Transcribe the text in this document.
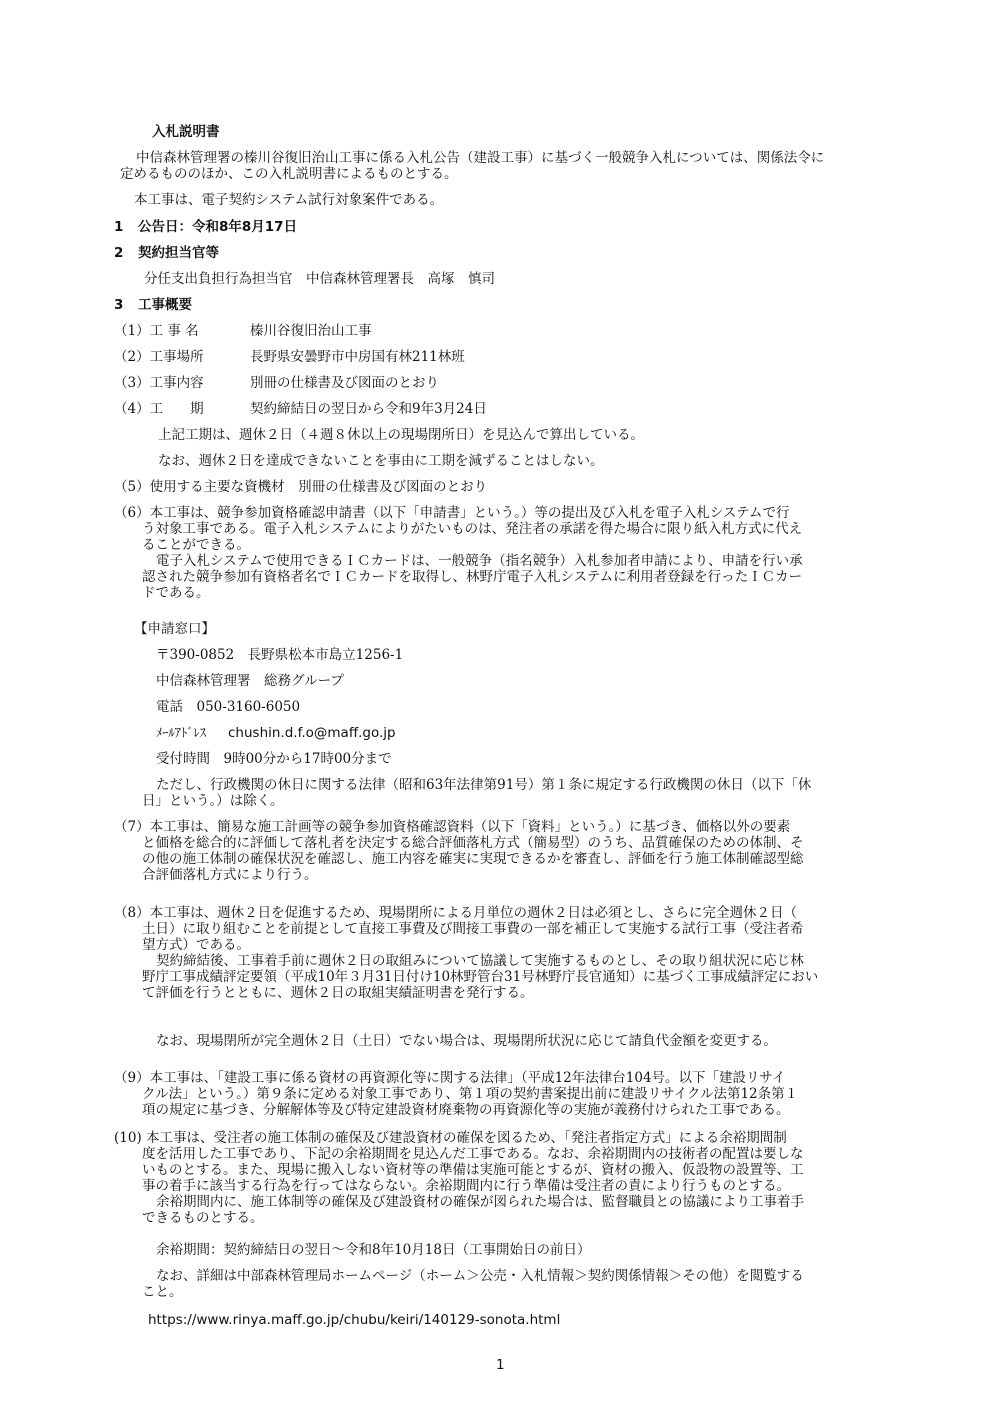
入札説明書
中信森林管理署の榛川谷復旧治山工事に係る入札公告（建設工事）に基づく一般競争入札については、関係法令に
定めるもののほか、この入札説明書によるものとする。
本工事は、電子契約システム試行対象案件である。
1 公告日：令和8年8月17日
2 契約担当官等
分任支出負担行為担当官　中信森林管理署長　高塚　慎司
3 工事概要
（1）工 事 名	榛川谷復旧治山工事
（2）工事場所	長野県安曇野市中房国有林211林班
（3）工事内容	別冊の仕様書及び図面のとおり
（4）工　　期	契約締結日の翌日から令和9年3月24日
上記工期は、週休２日（４週８休以上の現場閉所日）を見込んで算出している。
なお、週休２日を達成できないことを事由に工期を減ずることはしない。
（5）使用する主要な資機材　別冊の仕様書及び図面のとおり
（6）本工事は、競争参加資格確認申請書（以下「申請書」という。）等の提出及び入札を電子入札システムで行
う対象工事である。電子入札システムによりがたいものは、発注者の承諾を得た場合に限り紙入札方式に代え
ることができる。
電子入札システムで使用できるＩＣカードは、一般競争（指名競争）入札参加者申請により、申請を行い承
認された競争参加有資格者名でＩＣカードを取得し、林野庁電子入札システムに利用者登録を行ったＩＣカー
ドである。
【申請窓口】
〒390-0852　長野県松本市島立1256-1
中信森林管理署　総務グループ
電話　050-3160-6050
ﾒｰﾙｱﾄﾞﾚｽ chushin.d.f.o@maff.go.jp
受付時間　9時00分から17時00分まで
ただし、行政機関の休日に関する法律（昭和63年法律第91号）第１条に規定する行政機関の休日（以下「休
日」という。）は除く。
（7）本工事は、簡易な施工計画等の競争参加資格確認資料（以下「資料」という。）に基づき、価格以外の要素
と価格を総合的に評価して落札者を決定する総合評価落札方式（簡易型）のうち、品質確保のための体制、そ
の他の施工体制の確保状況を確認し、施工内容を確実に実現できるかを審査し、評価を行う施工体制確認型総
合評価落札方式により行う。
（8）本工事は、週休２日を促進するため、現場閉所による月単位の週休２日は必須とし、さらに完全週休２日（
土日）に取り組むことを前提として直接工事費及び間接工事費の一部を補正して実施する試行工事（受注者希
望方式）である。
契約締結後、工事着手前に週休２日の取組みについて協議して実施するものとし、その取り組状況に応じ林
野庁工事成績評定要領（平成10年３月31日付け10林野管台31号林野庁長官通知）に基づく工事成績評定におい
て評価を行うとともに、週休２日の取組実績証明書を発行する。
なお、現場閉所が完全週休２日（土日）でない場合は、現場閉所状況に応じて請負代金額を変更する。
（9）本工事は、「建設工事に係る資材の再資源化等に関する法律」（平成12年法律台104号。以下「建設リサイ
クル法」という。）第９条に定める対象工事であり、第１項の契約書案提出前に建設リサイクル法第12条第１
項の規定に基づき、分解解体等及び特定建設資材廃棄物の再資源化等の実施が義務付けられた工事である。
(10) 本工事は、受注者の施工体制の確保及び建設資材の確保を図るため、「発注者指定方式」による余裕期間制
度を活用した工事であり、下記の余裕期間を見込んだ工事である。なお、余裕期間内の技術者の配置は要しな
いものとする。また、現場に搬入しない資材等の準備は実施可能とするが、資材の搬入、仮設物の設置等、工
事の着手に該当する行為を行ってはならない。余裕期間内に行う準備は受注者の責により行うものとする。
余裕期間内に、施工体制等の確保及び建設資材の確保が図られた場合は、監督職員との協議により工事着手
できるものとする。
余裕期間：契約締結日の翌日～令和8年10月18日（工事開始日の前日）
なお、詳細は中部森林管理局ホームページ（ホーム＞公売・入札情報＞契約関係情報＞その他）を閲覧する
こと。
https://www.rinya.maff.go.jp/chubu/keiri/140129-sonota.html
1
